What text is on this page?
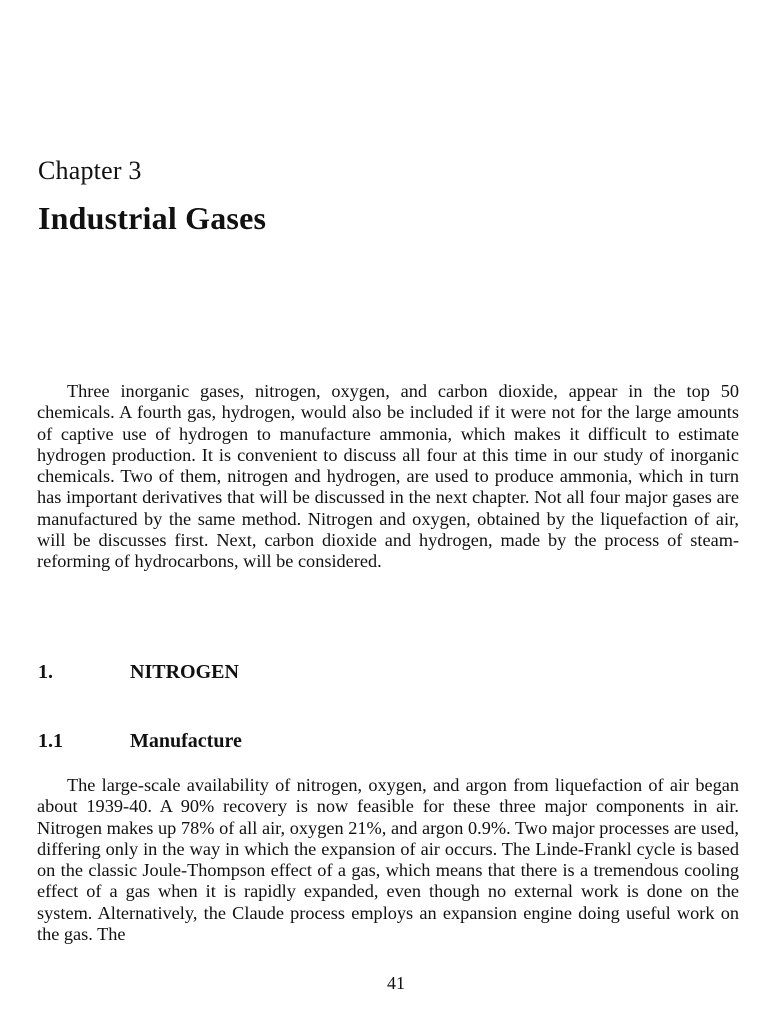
Chapter 3
Industrial Gases

Three inorganic gases, nitrogen, oxygen, and carbon dioxide, appear in the top 50 chemicals. A fourth gas, hydrogen, would also be included if it were not for the large amounts of captive use of hydrogen to manufacture ammonia, which makes it difficult to estimate hydrogen production. It is convenient to discuss all four at this time in our study of inorganic chemicals. Two of them, nitrogen and hydrogen, are used to produce ammonia, which in turn has important derivatives that will be discussed in the next chapter. Not all four major gases are manufactured by the same method. Nitrogen and oxygen, obtained by the liquefaction of air, will be discusses first. Next, carbon dioxide and hydrogen, made by the process of steam-reforming of hydrocarbons, will be considered.

1.	NITROGEN
1.1	Manufacture

The large-scale availability of nitrogen, oxygen, and argon from liquefaction of air began about 1939-40. A 90% recovery is now feasible for these three major components in air. Nitrogen makes up 78% of all air, oxygen 21%, and argon 0.9%. Two major processes are used, differing only in the way in which the expansion of air occurs. The Linde-Frankl cycle is based on the classic Joule-Thompson effect of a gas, which means that there is a tremendous cooling effect of a gas when it is rapidly expanded, even though no external work is done on the system. Alternatively, the Claude process employs an expansion engine doing useful work on the gas. The

41
